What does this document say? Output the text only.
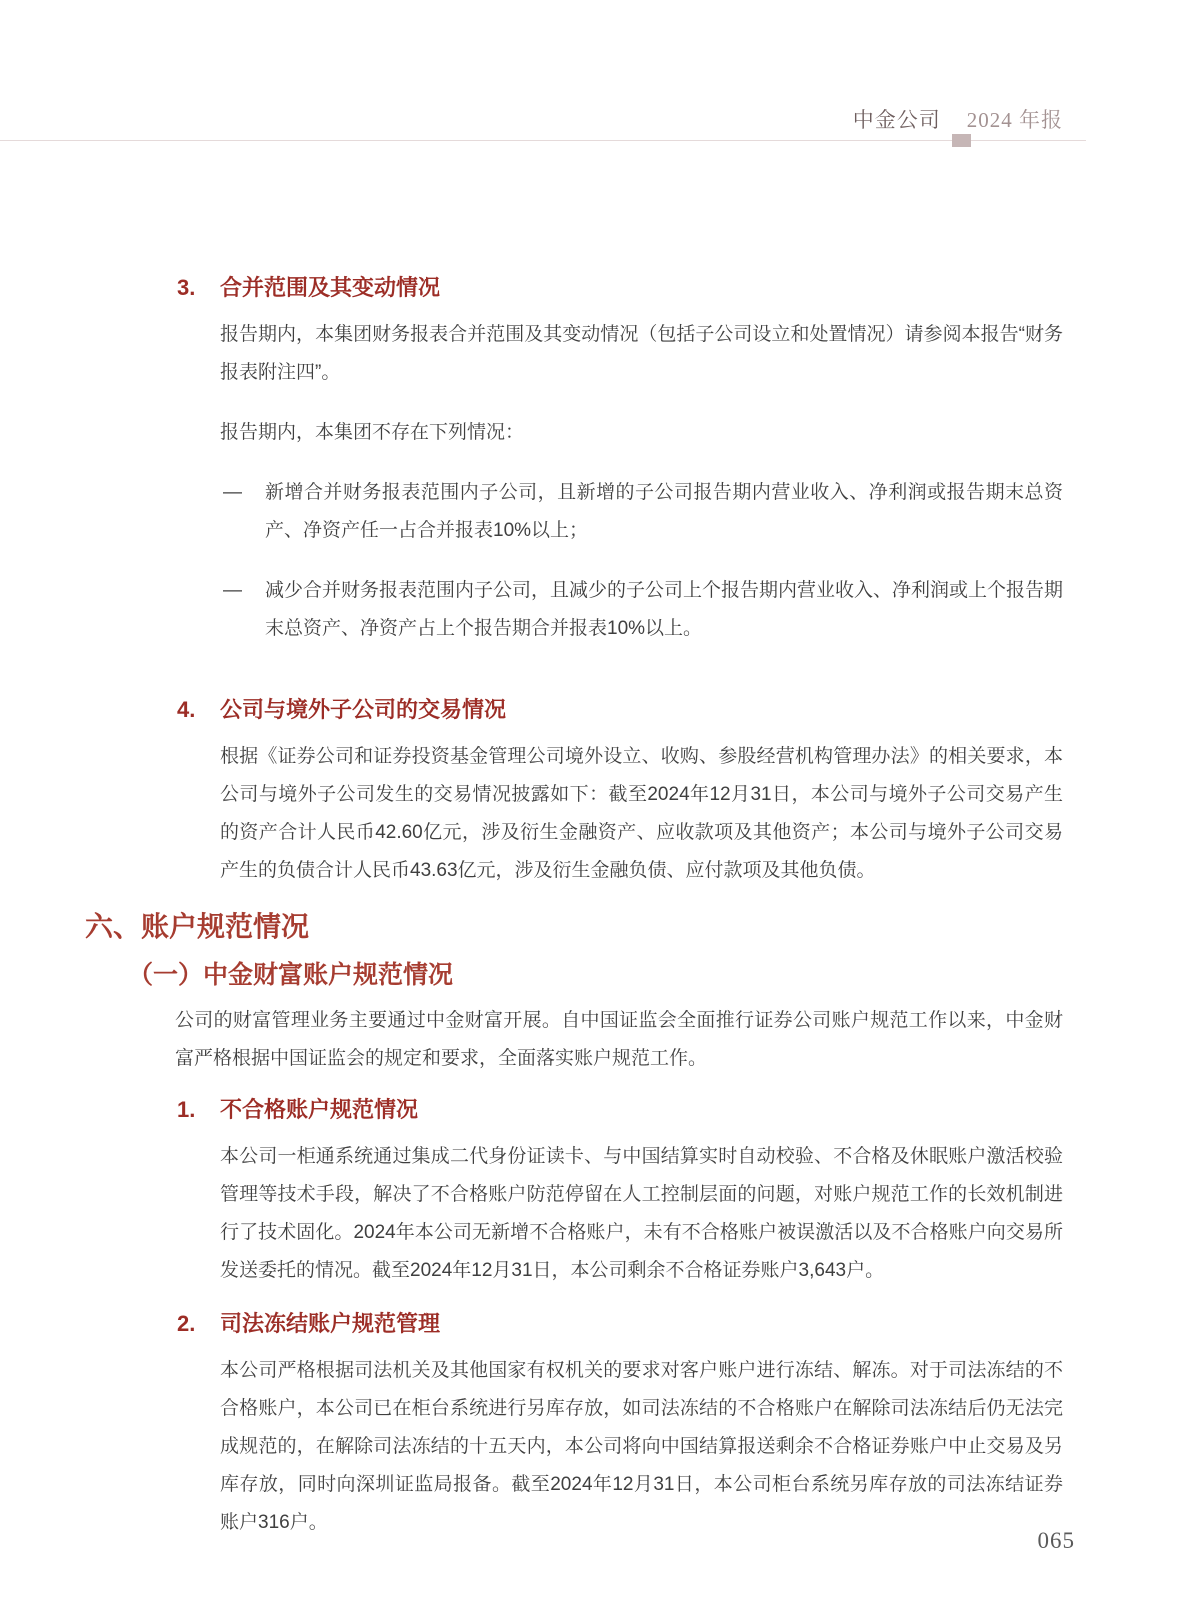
中金公司 2024 年报
3.	合并范围及其变动情况

报告期内，本集团财务报表合并范围及其变动情况（包括子公司设立和处置情况）请参阅本报告“财务报表附注四”。

报告期内，本集团不存在下列情况：

—	新增合并财务报表范围内子公司，且新增的子公司报告期内营业收入、净利润或报告期末总资产、净资产任一占合并报表10%以上；

—	减少合并财务报表范围内子公司，且减少的子公司上个报告期内营业收入、净利润或上个报告期末总资产、净资产占上个报告期合并报表10%以上。

4.	公司与境外子公司的交易情况

根据《证券公司和证券投资基金管理公司境外设立、收购、参股经营机构管理办法》的相关要求，本公司与境外子公司发生的交易情况披露如下：截至2024年12月31日，本公司与境外子公司交易产生的资产合计人民币42.60亿元，涉及衍生金融资产、应收款项及其他资产；本公司与境外子公司交易产生的负债合计人民币43.63亿元，涉及衍生金融负债、应付款项及其他负债。

六、账户规范情况
（一）中金财富账户规范情况

公司的财富管理业务主要通过中金财富开展。自中国证监会全面推行证券公司账户规范工作以来，中金财富严格根据中国证监会的规定和要求，全面落实账户规范工作。

1.	不合格账户规范情况

本公司一柜通系统通过集成二代身份证读卡、与中国结算实时自动校验、不合格及休眠账户激活校验管理等技术手段，解决了不合格账户防范停留在人工控制层面的问题，对账户规范工作的长效机制进行了技术固化。2024年本公司无新增不合格账户，未有不合格账户被误激活以及不合格账户向交易所发送委托的情况。截至2024年12月31日，本公司剩余不合格证券账户3,643户。

2.	司法冻结账户规范管理

本公司严格根据司法机关及其他国家有权机关的要求对客户账户进行冻结、解冻。对于司法冻结的不合格账户，本公司已在柜台系统进行另库存放，如司法冻结的不合格账户在解除司法冻结后仍无法完成规范的，在解除司法冻结的十五天内，本公司将向中国结算报送剩余不合格证券账户中止交易及另库存放，同时向深圳证监局报备。截至2024年12月31日，本公司柜台系统另库存放的司法冻结证券账户316户。

065
